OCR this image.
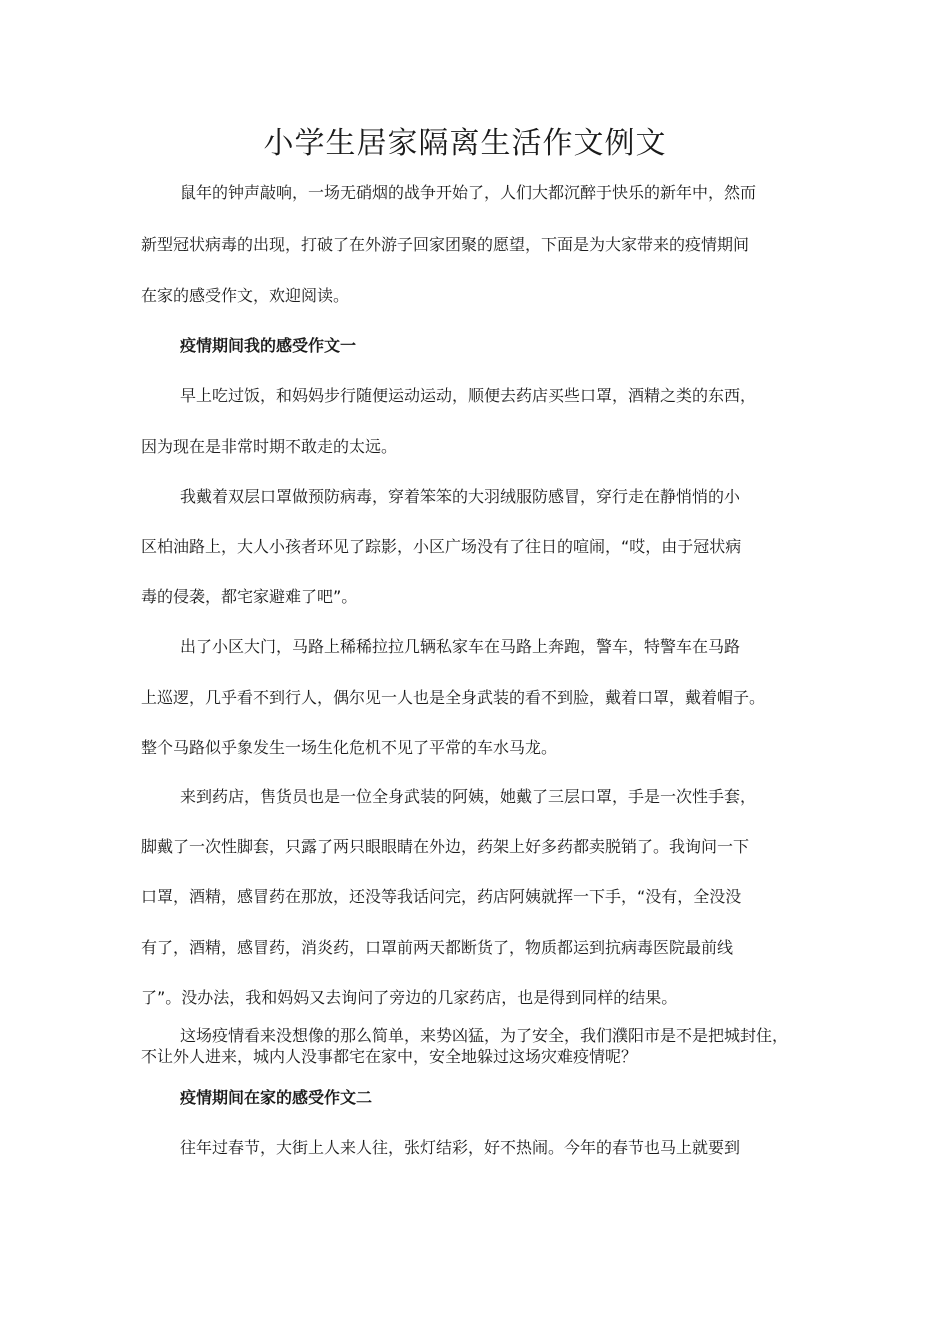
小学生居家隔离生活作文例文
鼠年的钟声敲响，一场无硝烟的战争开始了，人们大都沉醉于快乐的新年中，然而
新型冠状病毒的出现，打破了在外游子回家团聚的愿望，下面是为大家带来的疫情期间
在家的感受作文，欢迎阅读。
疫情期间我的感受作文一
早上吃过饭，和妈妈步行随便运动运动，顺便去药店买些口罩，酒精之类的东西，
因为现在是非常时期不敢走的太远。
我戴着双层口罩做预防病毒，穿着笨笨的大羽绒服防感冒，穿行走在静悄悄的小
区柏油路上，大人小孩者环见了踪影，小区广场没有了往日的喧闹，“哎，由于冠状病
毒的侵袭，都宅家避难了吧”。
出了小区大门，马路上稀稀拉拉几辆私家车在马路上奔跑，警车，特警车在马路
上巡逻，几乎看不到行人，偶尔见一人也是全身武装的看不到脸，戴着口罩，戴着帽子。
整个马路似乎象发生一场生化危机不见了平常的车水马龙。
来到药店，售货员也是一位全身武装的阿姨，她戴了三层口罩，手是一次性手套，
脚戴了一次性脚套，只露了两只眼眼睛在外边，药架上好多药都卖脱销了。我询问一下
口罩，酒精，感冒药在那放，还没等我话问完，药店阿姨就挥一下手，“没有，全没没
有了，酒精，感冒药，消炎药，口罩前两天都断货了，物质都运到抗病毒医院最前线
了”。没办法，我和妈妈又去询问了旁边的几家药店，也是得到同样的结果。
这场疫情看来没想像的那么简单，来势凶猛，为了安全，我们濮阳市是不是把城封住，
不让外人进来，城内人没事都宅在家中，安全地躲过这场灾难疫情呢？
疫情期间在家的感受作文二
往年过春节，大街上人来人往，张灯结彩，好不热闹。今年的春节也马上就要到
